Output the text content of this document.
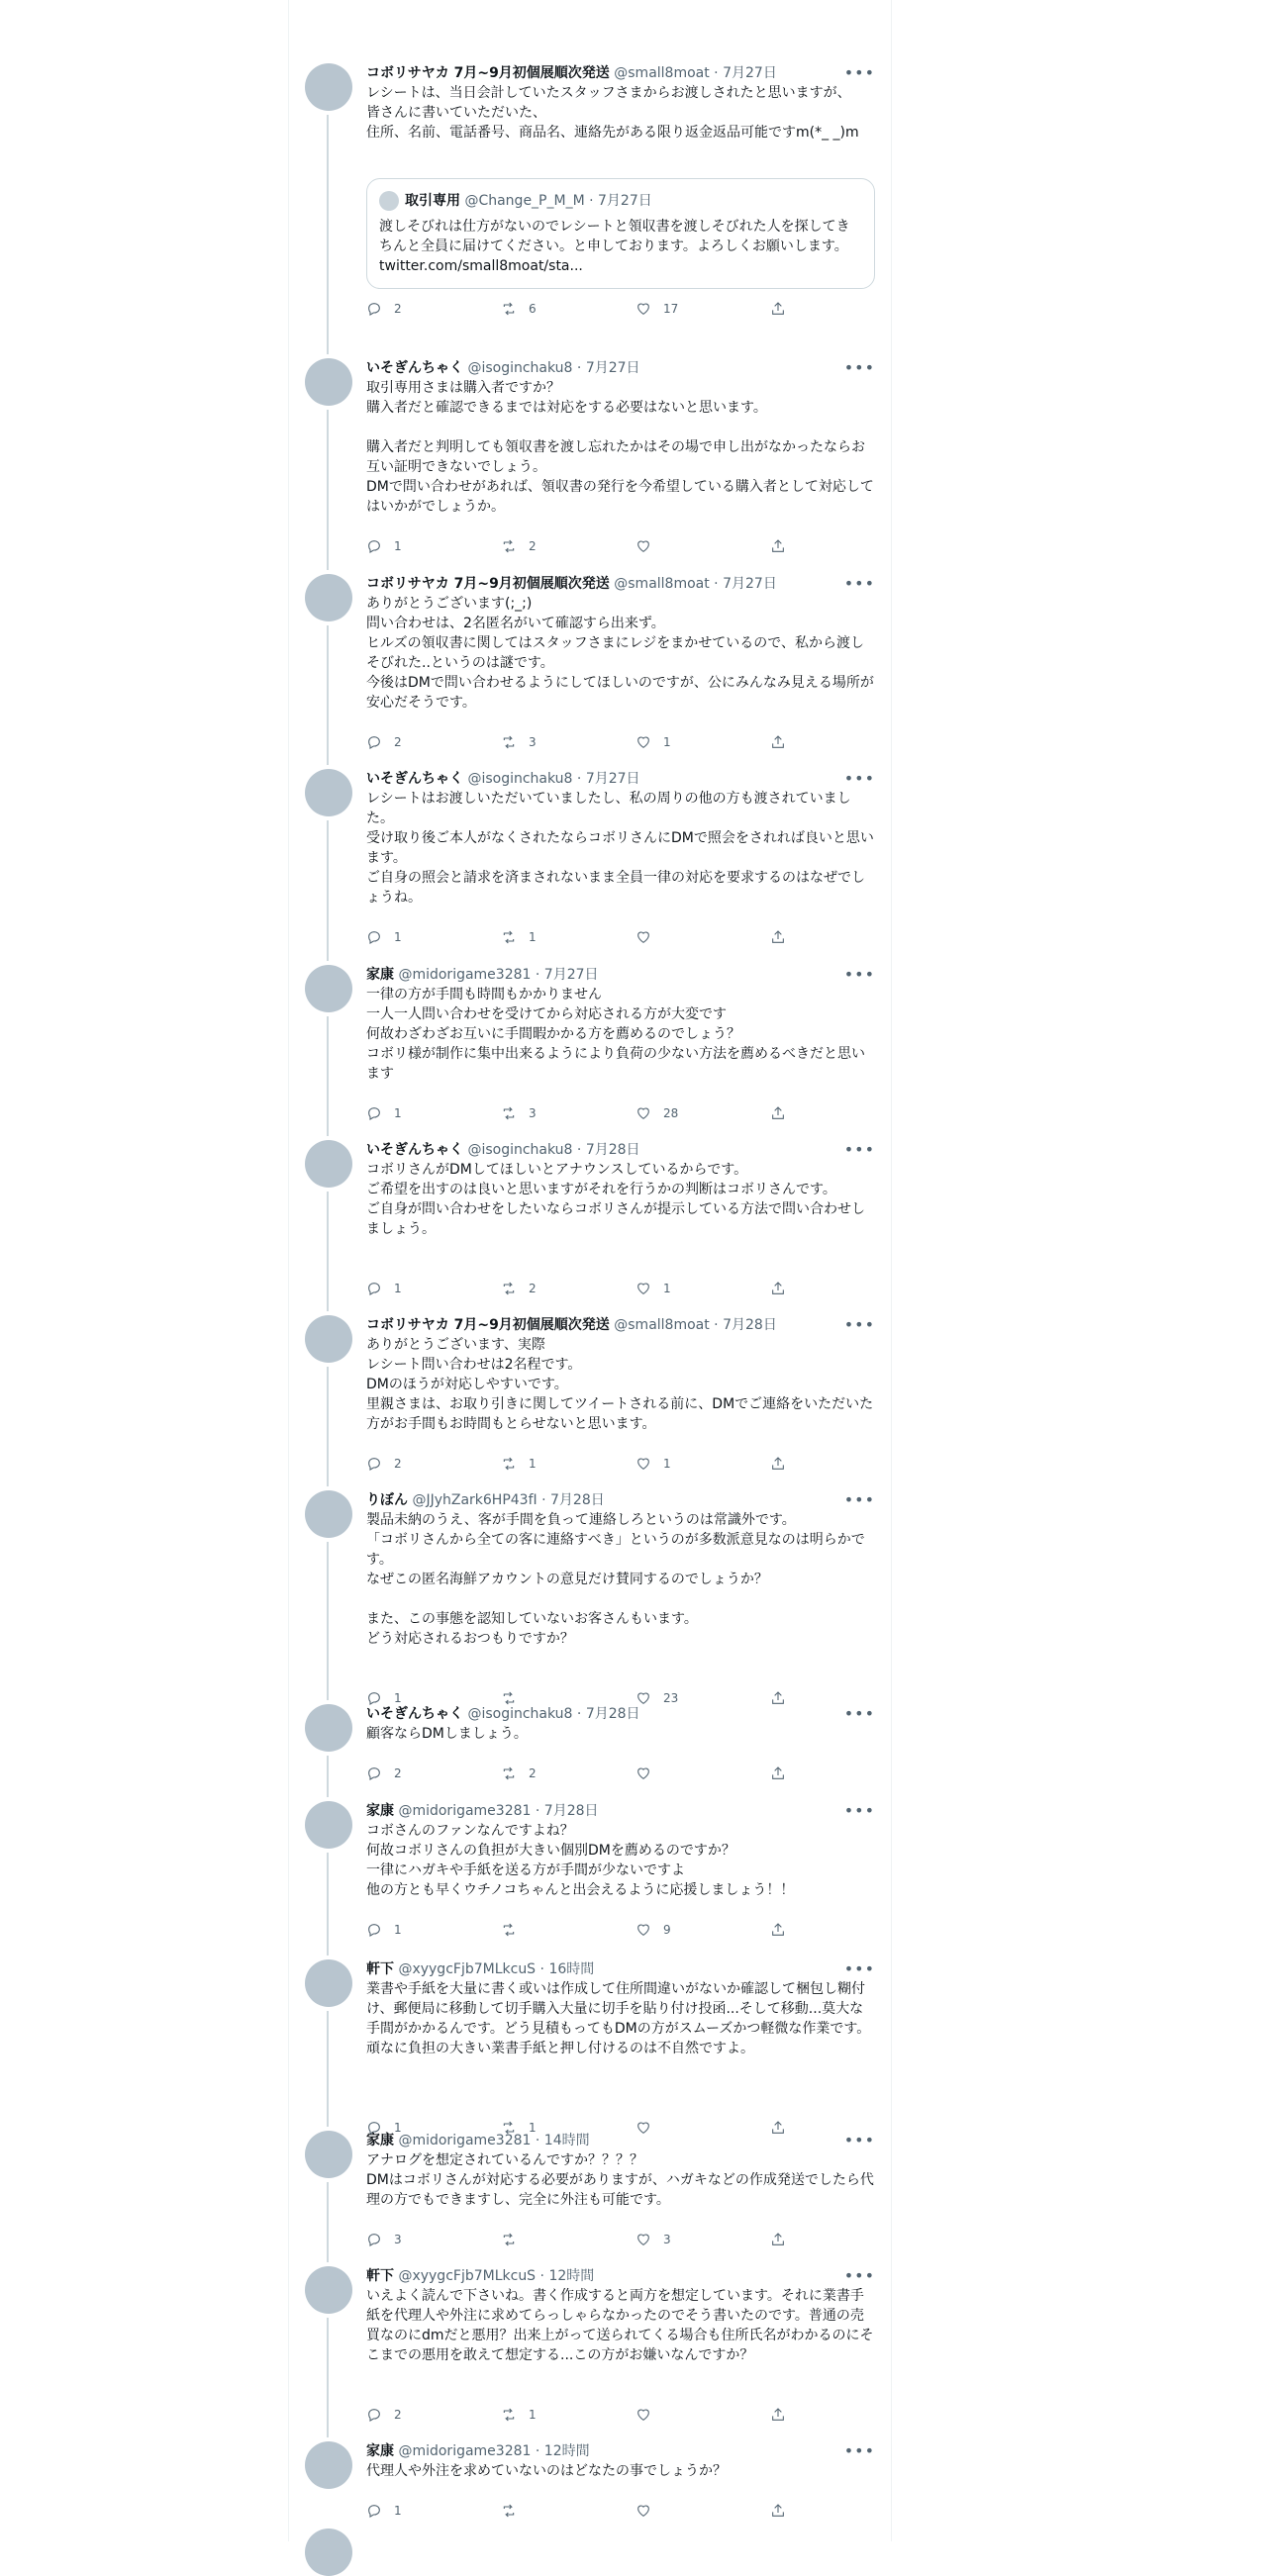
コボリサヤカ 7月~9月初個展順次発送 @small8moat · 7月27日	•••
レシートは、当日会計していたスタッフさまからお渡しされたと思いますが、
皆さんに書いていただいた、
住所、名前、電話番号、商品名、連絡先がある限り返金返品可能ですm(*_ _)m
取引専用 @Change_P_M_M · 7月27日
渡しそびれは仕方がないのでレシートと領収書を渡しそびれた人を探してきちんと全員に届けてください。と申しております。よろしくお願いします。 twitter.com/small8moat/sta...
2	6	17
いそぎんちゃく @isoginchaku8 · 7月27日	•••
取引専用さまは購入者ですか？
購入者だと確認できるまでは対応をする必要はないと思います。

購入者だと判明しても領収書を渡し忘れたかはその場で申し出がなかったならお互い証明できないでしょう。
DMで問い合わせがあれば、領収書の発行を今希望している購入者として対応してはいかがでしょうか。
1	2
コボリサヤカ 7月~9月初個展順次発送 @small8moat · 7月27日	•••
ありがとうございます(;_;)
問い合わせは、2名匿名がいて確認すら出来ず。
ヒルズの領収書に関してはスタッフさまにレジをまかせているので、私から渡しそびれた..というのは謎です。
今後はDMで問い合わせるようにしてほしいのですが、公にみんなみ見える場所が安心だそうです。
2	3	1
いそぎんちゃく @isoginchaku8 · 7月27日	•••
レシートはお渡しいただいていましたし、私の周りの他の方も渡されていました。
受け取り後ご本人がなくされたならコボリさんにDMで照会をされれば良いと思います。
ご自身の照会と請求を済まされないまま全員一律の対応を要求するのはなぜでしょうね。
1	1
家康 @midorigame3281 · 7月27日	•••
一律の方が手間も時間もかかりません
一人一人問い合わせを受けてから対応される方が大変です
何故わざわざお互いに手間暇かかる方を薦めるのでしょう？
コボリ様が制作に集中出来るようにより負荷の少ない方法を薦めるべきだと思います
1	3	28
いそぎんちゃく @isoginchaku8 · 7月28日	•••
コボリさんがDMしてほしいとアナウンスしているからです。
ご希望を出すのは良いと思いますがそれを行うかの判断はコボリさんです。
ご自身が問い合わせをしたいならコボリさんが提示している方法で問い合わせしましょう。
1	2	1
コボリサヤカ 7月~9月初個展順次発送 @small8moat · 7月28日	•••
ありがとうございます、実際
レシート問い合わせは2名程です。
DMのほうが対応しやすいです。
里親さまは、お取り引きに関してツイートされる前に、DMでご連絡をいただいた方がお手間もお時間もとらせないと思います。
2	1	1
りぼん @JJyhZark6HP43fI · 7月28日	•••
製品未納のうえ、客が手間を負って連絡しろというのは常識外です。
「コボリさんから全ての客に連絡すべき」というのが多数派意見なのは明らかです。
なぜこの匿名海鮮アカウントの意見だけ賛同するのでしょうか？

また、この事態を認知していないお客さんもいます。
どう対応されるおつもりですか？
1	23
いそぎんちゃく @isoginchaku8 · 7月28日	•••
顧客ならDMしましょう。
2	2
家康 @midorigame3281 · 7月28日	•••
コボさんのファンなんですよね？
何故コボリさんの負担が大きい個別DMを薦めるのですか？
一律にハガキや手紙を送る方が手間が少ないですよ
他の方とも早くウチノコちゃんと出会えるように応援しましょう！！
1	9
軒下 @xyygcFjb7MLkcuS · 16時間	•••
業書や手紙を大量に書く或いは作成して住所間違いがないか確認して梱包し糊付け、郵便局に移動して切手購入大量に切手を貼り付け投函...そして移動...莫大な手間がかかるんです。どう見積もってもDMの方がスムーズかつ軽微な作業です。頑なに負担の大きい業書手紙と押し付けるのは不自然ですよ。
1	1
家康 @midorigame3281 · 14時間	•••
アナログを想定されているんですか？？？？
DMはコボリさんが対応する必要がありますが、ハガキなどの作成発送でしたら代理の方でもできますし、完全に外注も可能です。
3	3
軒下 @xyygcFjb7MLkcuS · 12時間	•••
いえよく読んで下さいね。書く作成すると両方を想定しています。それに業書手紙を代理人や外注に求めてらっしゃらなかったのでそう書いたのです。普通の売買なのにdmだと悪用？出来上がって送られてくる場合も住所氏名がわかるのにそこまでの悪用を敢えて想定する...この方がお嫌いなんですか？
2	1
家康 @midorigame3281 · 12時間	•••
代理人や外注を求めていないのはどなたの事でしょうか？
1
